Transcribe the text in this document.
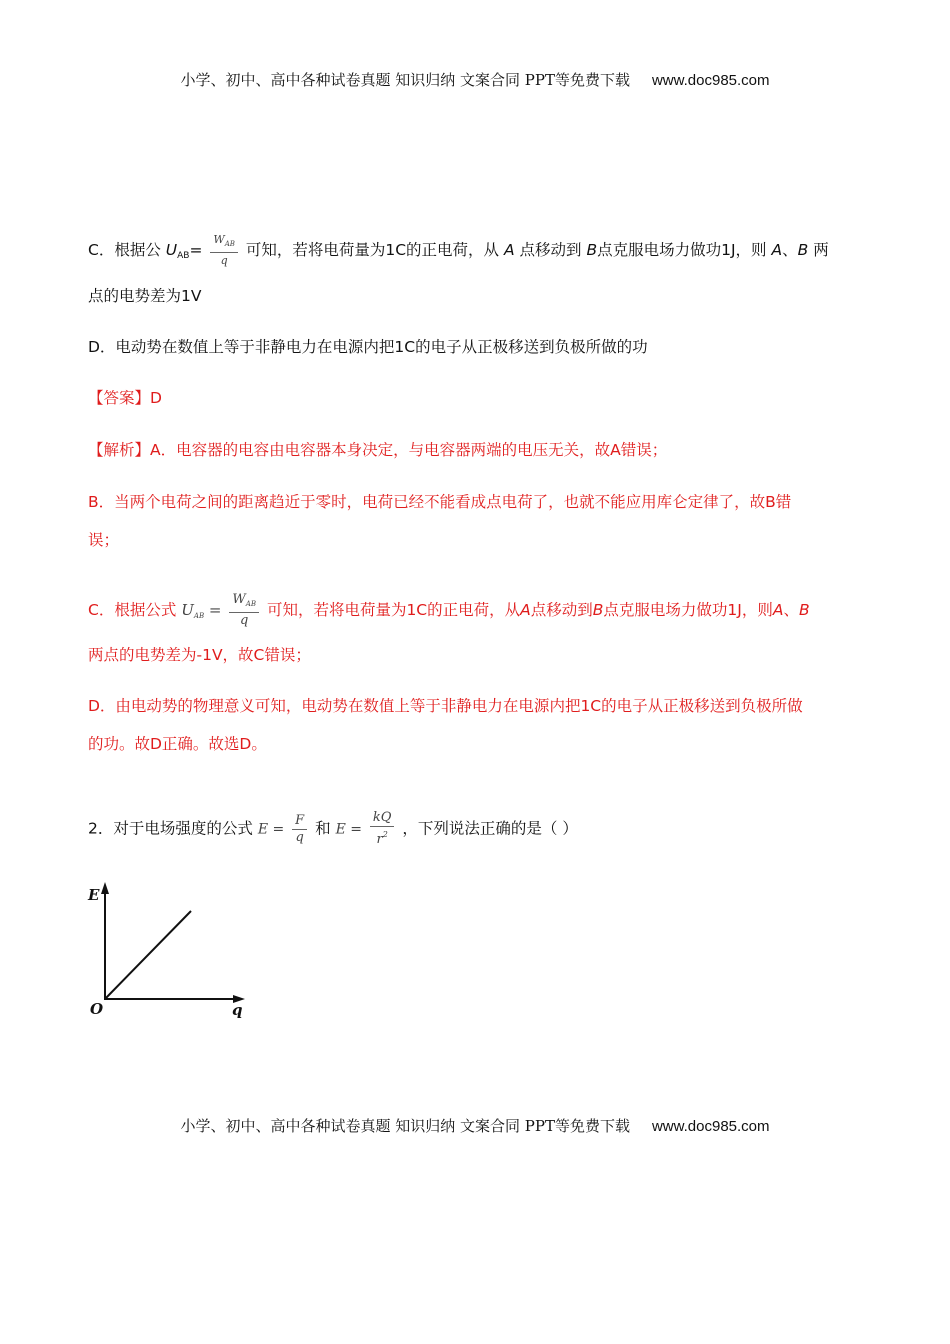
小学、初中、高中各种试卷真题 知识归纳 文案合同 PPT等免费下载 www.doc985.com
C．根据公 $U_{AB}= \frac{W_{AB}}{q}$ 可知，若将电荷量为1C的正电荷，从 A 点移动到 B点克服电场力做功1J，则 A、B 两
点的电势差为1V
D．电动势在数值上等于非静电力在电源内把1C的电子从正极移送到负极所做的功
【答案】D
【解析】A．电容器的电容由电容器本身决定，与电容器两端的电压无关，故A错误；
B．当两个电荷之间的距离趋近于零时，电荷已经不能看成点电荷了，也就不能应用库仑定律了，故B错
误；
C．根据公式 $U_{AB} = \frac{W_{AB}}{q}$ 可知，若将电荷量为1C的正电荷，从A点移动到B点克服电场力做功1J，则A、B
两点的电势差为-1V，故C错误；
D．由电动势的物理意义可知，电动势在数值上等于非静电力在电源内把1C的电子从正极移送到负极所做
的功。故D正确。故选D。
2．对于电场强度的公式 $E = \frac{F}{q}$ 和 $E = \frac{kQ}{r^2}$ ，下列说法正确的是（ ）
E
q
O
小学、初中、高中各种试卷真题 知识归纳 文案合同 PPT等免费下载 www.doc985.com
